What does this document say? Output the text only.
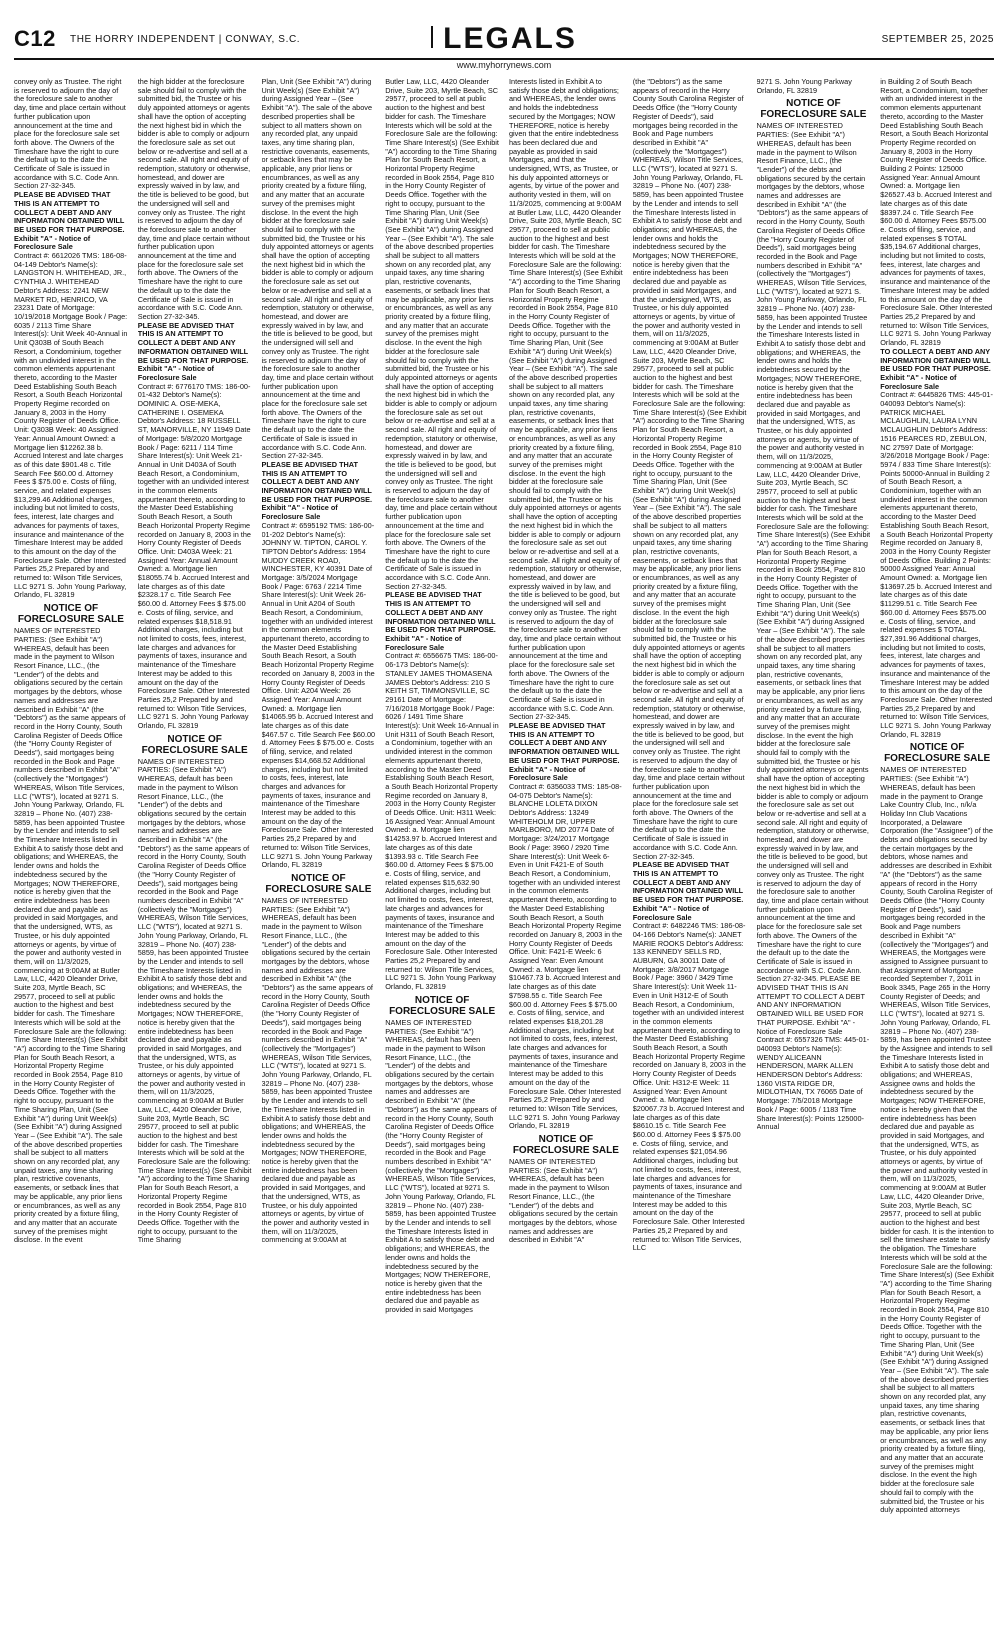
C12 THE HORRY INDEPENDENT | CONWAY, S.C.	LEGALS	SEPTEMBER 25, 2025
www.myhorrynews.com

convey only as Trustee. The right is reserved to adjourn the day of the foreclosure sale to another day, time and place certain without further publication upon announcement at the time and place for the foreclosure sale set forth above. The Owners of the Timeshare have the right to cure the default up to the date the Certificate of Sale is issued in accordance with S.C. Code Ann. Section 27-32-345.

PLEASE BE ADVISED THAT THIS IS AN ATTEMPT TO COLLECT A DEBT AND ANY INFORMATION OBTAINED WILL BE USED FOR THAT PURPOSE.

Exhibit "A" - Notice of Foreclosure Sale

Contract #: 6612026 TMS: 186-08-04-149 Debtor's Name(s): LANGSTON H. WHITEHEAD, JR., CYNTHIA J. WHITEHEAD Debtor's Address: 2241 NEW MARKET RD, HENRICO, VA 23231 Date of Mortgage: 10/19/2018 Mortgage Book / Page: 6035 / 2113 Time Share Interest(s): Unit Week 40-Annual in Unit Q303B of South Beach Resort, a Condominium, together with an undivided interest in the common elements appurtenant thereto, according to the Master Deed Establishing South Beach Resort, a South Beach Horizontal Property Regime recorded on January 8, 2003 in the Horry County Register of Deeds Office. Unit: Q303B Week: 40 Assigned Year: Annual Amount Owned: a Mortgage lien $12262.38 b. Accrued Interest and late charges as of this date $901.48 c. Title Search Fee $60.00 d. Attorney Fees $ $75.00 e. Costs of filing, service, and related expenses $13,299.46 Additional charges, including but not limited to costs, fees, interest, late charges and advances for payments of taxes, insurance and maintenance of the Timeshare Interest may be added to this amount on the day of the Foreclosure Sale. Other Interested Parties 25,2 Prepared by and returned to: Wilson Title Services, LLC 9271 S. John Young Parkway, Orlando, FL 32819

NOTICE OF FORECLOSURE SALE

NAMES OF INTERESTED PARTIES: (See Exhibit "A") WHEREAS, default has been made in the payment to Wilson Resort Finance, LLC., (the "Lender") of the debts and obligations secured by the certain mortgages by the debtors, whose names and addresses are described in Exhibit "A" (the "Debtors") as the same appears of record in the Horry County, South Carolina Register of Deeds Office (the "Horry County Register of Deeds"), said mortgages being recorded in the Book and Page numbers described in Exhibit "A" (collectively the "Mortgages") WHEREAS, Wilson Title Services, LLC ("WTS"), located at 9271 S. John Young Parkway, Orlando, FL 32819 – Phone No. (407) 238-5859, has been appointed Trustee by the Lender and intends to sell the Timeshare Interests listed in Exhibit A to satisfy those debt and obligations; and WHEREAS, the lender owns and holds the indebtedness secured by the Mortgages; NOW THEREFORE, notice is hereby given that the entire indebtedness has been declared due and payable as provided in said Mortgages, and that the undersigned, WTS, as Trustee, or his duly appointed attorneys or agents, by virtue of the power and authority vested in them, will on 11/3/2025, commencing at 9:00AM at Butler Law, LLC, 4420 Oleander Drive, Suite 203, Myrtle Beach, SC 29577, proceed to sell at public auction to the highest and best bidder for cash. The Timeshare Interests which will be sold at the Foreclosure Sale are the following: Time Share Interest(s) (See Exhibit "A") according to the Time Sharing Plan for South Beach Resort, a Horizontal Property Regime recorded in Book 2554, Page 810 in the Horry County Register of Deeds Office. Together with the right to occupy, pursuant to the Time Sharing Plan, Unit (See Exhibit "A") during Unit Week(s) (See Exhibit "A") during Assigned Year – (See Exhibit "A"). The sale of the above described properties shall be subject to all matters shown on any recorded plat, any unpaid taxes, any time sharing plan, restrictive covenants, easements, or setback lines that may be applicable, any prior liens or encumbrances, as well as any priority created by a fixture filing, and any matter that an accurate survey of the premises might disclose. In the event

the high bidder at the foreclosure sale should fail to comply with the submitted bid, the Trustee or his duly appointed attorneys or agents shall have the option of accepting the next highest bid in which the bidder is able to comply or adjourn the foreclosure sale as set out below or re-advertise and sell at a second sale. All right and equity of redemption, statutory or otherwise, homestead, and dower are expressly waived in by law, and the title is believed to be good, but the undersigned will sell and convey only as Trustee. The right is reserved to adjourn the day of the foreclosure sale to another day, time and place certain without further publication upon announcement at the time and place for the foreclosure sale set forth above. The Owners of the Timeshare have the right to cure the default up to the date the Certificate of Sale is issued in accordance with S.C. Code Ann. Section 27-32-345.

PLEASE BE ADVISED THAT THIS IS AN ATTEMPT TO COLLECT A DEBT AND ANY INFORMATION OBTAINED WILL BE USED FOR THAT PURPOSE.

Exhibit "A" - Notice of Foreclosure Sale

Contract #: 6776170 TMS: 186-00-01-432 Debtor's Name(s): DOMINIC A. OSE-MEKA, CATHERINE I. OSEMEKA Debtor's Address: 18 RUSSELL ST, MANORVILLE, NY 11949 Date of Mortgage: 5/8/2020 Mortgage Book / Page: 6211 / 114 Time Share Interest(s): Unit Week 21-Annual in Unit D403A of South Beach Resort, a Condominium, together with an undivided interest in the common elements appurtenant thereto, according to the Master Deed Establishing South Beach Resort, a South Beach Horizontal Property Regime recorded on January 8, 2003 in the Horry County Register of Deeds Office. Unit: D403A Week: 21 Assigned Year: Annual Amount Owned: a. Mortgage lien $18055.74 b. Accrued Interest and late charges as of this date $2328.17 c. Title Search Fee $60.00 d. Attorney Fees $ $75.00 e. Costs of filing, service, and related expenses $18,518.91 Additional charges, including but not limited to costs, fees, interest, late charges and advances for payments of taxes, insurance and maintenance of the Timeshare Interest may be added to this amount on the day of the Foreclosure Sale. Other Interested Parties 25,2 Prepared by and returned to: Wilson Title Services, LLC 9271 S. John Young Parkway Orlando, FL 32819

NOTICE OF FORECLOSURE SALE

NAMES OF INTERESTED PARTIES: (See Exhibit "A") WHEREAS, default has been made in the payment to Wilson Resort Finance, LLC., (the "Lender") of the debts and obligations secured by the certain mortgages by the debtors, whose names and addresses are described in Exhibit "A" (the "Debtors") as the same appears of record in the Horry County, South Carolina Register of Deeds Office (the "Horry County Register of Deeds"), said mortgages being recorded in the Book and Page numbers described in Exhibit "A" (collectively the "Mortgages") WHEREAS, Wilson Title Services, LLC ("WTS"), located at 9271 S. John Young Parkway, Orlando, FL 32819 – Phone No. (407) 238-5859, has been appointed Trustee by the Lender and intends to sell the Timeshare Interests listed in Exhibit A to satisfy those debt and obligations; and WHEREAS, the lender owns and holds the indebtedness secured by the Mortgages; NOW THEREFORE, notice is hereby given that the entire indebtedness has been declared due and payable as provided in said Mortgages, and that the undersigned, WTS, as Trustee, or his duly appointed attorneys or agents, by virtue of the power and authority vested in them, will on 11/3/2025, commencing at 9:00AM at Butler Law, LLC, 4420 Oleander Drive, Suite 203, Myrtle Beach, SC 29577, proceed to sell at public auction to the highest and best bidder for cash. The Timeshare Interests which will be sold at the Foreclosure Sale are the following: Time Share Interest(s) (See Exhibit "A") according to the Time Sharing Plan for South Beach Resort, a Horizontal Property Regime recorded in Book 2554, Page 810 in the Horry County Register of Deeds Office. Together with the right to occupy, pursuant to the Time Sharing

Plan, Unit (See Exhibit "A") during Unit Week(s) (See Exhibit "A") during Assigned Year – (See Exhibit "A"). The sale of the above described properties shall be subject to all matters shown on any recorded plat, any unpaid taxes, any time sharing plan, restrictive covenants, easements, or setback lines that may be applicable, any prior liens or encumbrances, as well as any priority created by a fixture filing, and any matter that an accurate survey of the premises might disclose. In the event the high bidder at the foreclosure sale should fail to comply with the submitted bid, the Trustee or his duly appointed attorneys or agents shall have the option of accepting the next highest bid in which the bidder is able to comply or adjourn the foreclosure sale as set out below or re-advertise and sell at a second sale. All right and equity of redemption, statutory or otherwise, homestead, and dower are expressly waived in by law, and the title is believed to be good, but the undersigned will sell and convey only as Trustee. The right is reserved to adjourn the day of the foreclosure sale to another day, time and place certain without further publication upon announcement at the time and place for the foreclosure sale set forth above. The Owners of the Timeshare have the right to cure the default up to the date the Certificate of Sale is issued in accordance with S.C. Code Ann. Section 27-32-345.

PLEASE BE ADVISED THAT THIS IS AN ATTEMPT TO COLLECT A DEBT AND ANY INFORMATION OBTAINED WILL BE USED FOR THAT PURPOSE.

Exhibit "A" - Notice of Foreclosure Sale

Contract #: 6595192 TMS: 186-00-01-202 Debtor's Name(s): JOHNNY W. TIPTON, CAROL Y. TIPTON Debtor's Address: 1954 MUDDY CREEK ROAD, WINCHESTER, KY 40391 Date of Mortgage: 3/5/2024 Mortgage Book / Page: 6763 / 2214 Time Share Interest(s): Unit Week 26-Annual in Unit A204 of South Beach Resort, a Condominium, together with an undivided interest in the common elements appurtenant thereto, according to the Master Deed Establishing South Beach Resort, a South Beach Horizontal Property Regime recorded on January 8, 2003 in the Horry County Register of Deeds Office. Unit: A204 Week: 26 Assigned Year: Annual Amount Owned: a. Mortgage lien $14065.95 b. Accrued Interest and late charges as of this date $467.57 c. Title Search Fee $60.00 d. Attorney Fees $ $75.00 e. Costs of filing, service, and related expenses $14,668.52 Additional charges, including but not limited to costs, fees, interest, late charges and advances for payments of taxes, insurance and maintenance of the Timeshare Interest may be added to this amount on the day of the Foreclosure Sale. Other Interested Parties 25,2 Prepared by and returned to: Wilson Title Services, LLC 9271 S. John Young Parkway Orlando, FL 32819

NOTICE OF FORECLOSURE SALE

NAMES OF INTERESTED PARTIES: (See Exhibit "A") WHEREAS, default has been made in the payment to Wilson Resort Finance, LLC., (the "Lender") of the debts and obligations secured by the certain mortgages by the debtors, whose names and addresses are described in Exhibit "A" (the "Debtors") as the same appears of record in the Horry County, South Carolina Register of Deeds Office (the "Horry County Register of Deeds"), said mortgages being recorded in the Book and Page numbers described in Exhibit "A" (collectively the "Mortgages") WHEREAS, Wilson Title Services, LLC ("WTS"), located at 9271 S. John Young Parkway, Orlando, FL 32819 – Phone No. (407) 238-5859, has been appointed Trustee by the Lender and intends to sell the Timeshare Interests listed in Exhibit A to satisfy those debt and obligations; and WHEREAS, the lender owns and holds the indebtedness secured by the Mortgages; NOW THEREFORE, notice is hereby given that the entire indebtedness has been declared due and payable as provided in said Mortgages, and that the undersigned, WTS, as Trustee, or his duly appointed attorneys or agents, by virtue of the power and authority vested in them, will on 11/3/2025, commencing at 9:00AM at

Butler Law, LLC, 4420 Oleander Drive, Suite 203, Myrtle Beach, SC 29577, proceed to sell at public auction to the highest and best bidder for cash. The Timeshare Interests which will be sold at the Foreclosure Sale are the following: Time Share Interest(s) (See Exhibit "A") according to the Time Sharing Plan for South Beach Resort, a Horizontal Property Regime recorded in Book 2554, Page 810 in the Horry County Register of Deeds Office. Together with the right to occupy, pursuant to the Time Sharing Plan, Unit (See Exhibit "A") during Unit Week(s) (See Exhibit "A") during Assigned Year – (See Exhibit "A"). The sale of the above described properties shall be subject to all matters shown on any recorded plat, any unpaid taxes, any time sharing plan, restrictive covenants, easements, or setback lines that may be applicable, any prior liens or encumbrances, as well as any priority created by a fixture filing, and any matter that an accurate survey of the premises might disclose. In the event the high bidder at the foreclosure sale should fail to comply with the submitted bid, the Trustee or his duly appointed attorneys or agents shall have the option of accepting the next highest bid in which the bidder is able to comply or adjourn the foreclosure sale as set out below or re-advertise and sell at a second sale. All right and equity of redemption, statutory or otherwise, homestead, and dower are expressly waived in by law, and the title is believed to be good, but the undersigned will sell and convey only as Trustee. The right is reserved to adjourn the day of the foreclosure sale to another day, time and place certain without further publication upon announcement at the time and place for the foreclosure sale set forth above. The Owners of the Timeshare have the right to cure the default up to the date the Certificate of Sale is issued in accordance with S.C. Code Ann. Section 27-32-345.

PLEASE BE ADVISED THAT THIS IS AN ATTEMPT TO COLLECT A DEBT AND ANY INFORMATION OBTAINED WILL BE USED FOR THAT PURPOSE.

Exhibit "A" - Notice of Foreclosure Sale

Contract #: 6556675 TMS: 186-00-06-173 Debtor's Name(s): STANLEY JAMES THOMASENA JAMES Debtor's Address: 210 S KEITH ST, TIMMONSVILLE, SC 29161 Date of Mortgage: 7/16/2018 Mortgage Book / Page: 6026 / 1491 Time Share Interest(s): Unit Week 16-Annual in Unit H311 of South Beach Resort, a Condominium, together with an undivided interest in the common elements appurtenant thereto, according to the Master Deed Establishing South Beach Resort, a South Beach Horizontal Property Regime recorded on January 8, 2003 in the Horry County Register of Deeds Office. Unit: H311 Week: 16 Assigned Year: Annual Amount Owned: a. Mortgage lien $14253.97 b. Accrued Interest and late charges as of this date $1393.93 c. Title Search Fee $60.00 d. Attorney Fees $ $75.00 e. Costs of filing, service, and related expenses $15,632.90 Additional charges, including but not limited to costs, fees, interest, late charges and advances for payments of taxes, insurance and maintenance of the Timeshare Interest may be added to this amount on the day of the Foreclosure Sale. Other Interested Parties 25,2 Prepared by and returned to: Wilson Title Services, LLC 9271 S. John Young Parkway Orlando, FL 32819

NOTICE OF FORECLOSURE SALE

NAMES OF INTERESTED PARTIES: (See Exhibit "A") WHEREAS, default has been made in the payment to Wilson Resort Finance, LLC., (the "Lender") of the debts and obligations secured by the certain mortgages by the debtors, whose names and addresses are described in Exhibit "A" (the "Debtors") as the same appears of record in the Horry County, South Carolina Register of Deeds Office (the "Horry County Register of Deeds"), said mortgages being recorded in the Book and Page numbers described in Exhibit "A" (collectively the "Mortgages") WHEREAS, Wilson Title Services, LLC ("WTS"), located at 9271 S. John Young Parkway, Orlando, FL 32819 – Phone No. (407) 238-5859, has been appointed Trustee by the Lender and intends to sell the Timeshare Interests listed in Exhibit A to satisfy those debt and obligations; and WHEREAS, the lender owns and holds the indebtedness secured by the Mortgages; NOW THEREFORE, notice is hereby given that the entire indebtedness has been declared due and payable as provided in said Mortgages

Interests listed in Exhibit A to satisfy those debt and obligations; and WHEREAS, the lender owns and holds the indebtedness secured by the Mortgages; NOW THEREFORE, notice is hereby given that the entire indebtedness has been declared due and payable as provided in said Mortgages, and that the undersigned, WTS, as Trustee, or his duly appointed attorneys or agents, by virtue of the power and authority vested in them, will on 11/3/2025, commencing at 9:00AM at Butler Law, LLC, 4420 Oleander Drive, Suite 203, Myrtle Beach, SC 29577, proceed to sell at public auction to the highest and best bidder for cash. The Timeshare Interests which will be sold at the Foreclosure Sale are the following: Time Share Interest(s) (See Exhibit "A") according to the Time Sharing Plan for South Beach Resort, a Horizontal Property Regime recorded in Book 2554, Page 810 in the Horry County Register of Deeds Office. Together with the right to occupy, pursuant to the Time Sharing Plan, Unit (See Exhibit "A") during Unit Week(s) (See Exhibit "A") during Assigned Year – (See Exhibit "A"). The sale of the above described properties shall be subject to all matters shown on any recorded plat, any unpaid taxes, any time sharing plan, restrictive covenants, easements, or setback lines that may be applicable, any prior liens or encumbrances, as well as any priority created by a fixture filing, and any matter that an accurate survey of the premises might disclose. In the event the high bidder at the foreclosure sale should fail to comply with the submitted bid, the Trustee or his duly appointed attorneys or agents shall have the option of accepting the next highest bid in which the bidder is able to comply or adjourn the foreclosure sale as set out below or re-advertise and sell at a second sale. All right and equity of redemption, statutory or otherwise, homestead, and dower are expressly waived in by law, and the title is believed to be good, but the undersigned will sell and convey only as Trustee. The right is reserved to adjourn the day of the foreclosure sale to another day, time and place certain without further publication upon announcement at the time and place for the foreclosure sale set forth above. The Owners of the Timeshare have the right to cure the default up to the date the Certificate of Sale is issued in accordance with S.C. Code Ann. Section 27-32-345.

PLEASE BE ADVISED THAT THIS IS AN ATTEMPT TO COLLECT A DEBT AND ANY INFORMATION OBTAINED WILL BE USED FOR THAT PURPOSE.

Exhibit "A" - Notice of Foreclosure Sale

Contract #: 6356033 TMS: 185-08-04-075 Debtor's Name(s): BLANCHE LOLETA DIXON Debtor's Address: 13249 WHITEHOLM DR, UPPER MARLBORO, MD 20774 Date of Mortgage: 3/24/2017 Mortgage Book / Page: 3960 / 2920 Time Share Interest(s): Unit Week 6-Even in Unit F421-E of South Beach Resort, a Condominium, together with an undivided interest in the common elements appurtenant thereto, according to the Master Deed Establishing South Beach Resort, a South Beach Horizontal Property Regime recorded on January 8, 2003 in the Horry County Register of Deeds Office. Unit: F421-E Week: 6 Assigned Year: Even Amount Owned: a. Mortgage lien $10467.73 b. Accrued Interest and late charges as of this date $7598.55 c. Title Search Fee $60.00 d. Attorney Fees $ $75.00 e. Costs of filing, service, and related expenses $18,201.28 Additional charges, including but not limited to costs, fees, interest, late charges and advances for payments of taxes, insurance and maintenance of the Timeshare Interest may be added to this amount on the day of the Foreclosure Sale. Other Interested Parties 25,2 Prepared by and returned to: Wilson Title Services, LLC 9271 S. John Young Parkway Orlando, FL 32819

NOTICE OF FORECLOSURE SALE

NAMES OF INTERESTED PARTIES: (See Exhibit "A") WHEREAS, default has been made in the payment to Wilson Resort Finance, LLC., (the "Lender") of the debts and obligations secured by the certain mortgages by the debtors, whose names and addresses are described in Exhibit "A"

(the "Debtors") as the same appears of record in the Horry County South Carolina Register of Deeds Office (the "Horry County Register of Deeds"), said mortgages being recorded in the Book and Page numbers described in Exhibit "A" (collectively the "Mortgages") WHEREAS, Wilson Title Services, LLC ("WTS"), located at 9271 S. John Young Parkway, Orlando, FL 32819 – Phone No. (407) 238-5859, has been appointed Trustee by the Lender and intends to sell the Timeshare Interests listed in Exhibit A to satisfy those debt and obligations; and WHEREAS, the lender owns and holds the indebtedness secured by the Mortgages; NOW THEREFORE, notice is hereby given that the entire indebtedness has been declared due and payable as provided in said Mortgages, and that the undersigned, WTS, as Trustee, or his duly appointed attorneys or agents, by virtue of the power and authority vested in them, will on 11/3/2025, commencing at 9:00AM at Butler Law, LLC, 4420 Oleander Drive, Suite 203, Myrtle Beach, SC 29577, proceed to sell at public auction to the highest and best bidder for cash. The Timeshare Interests which will be sold at the Foreclosure Sale are the following: Time Share Interest(s) (See Exhibit "A") according to the Time Sharing Plan for South Beach Resort, a Horizontal Property Regime recorded in Book 2554, Page 810 in the Horry County Register of Deeds Office. Together with the right to occupy, pursuant to the Time Sharing Plan, Unit (See Exhibit "A") during Unit Week(s) (See Exhibit "A") during Assigned Year – (See Exhibit "A"). The sale of the above described properties shall be subject to all matters shown on any recorded plat, any unpaid taxes, any time sharing plan, restrictive covenants, easements, or setback lines that may be applicable, any prior liens or encumbrances, as well as any priority created by a fixture filing, and any matter that an accurate survey of the premises might disclose. In the event the high bidder at the foreclosure sale should fail to comply with the submitted bid, the Trustee or his duly appointed attorneys or agents shall have the option of accepting the next highest bid in which the bidder is able to comply or adjourn the foreclosure sale as set out below or re-advertise and sell at a second sale. All right and equity of redemption, statutory or otherwise, homestead, and dower are expressly waived in by law, and the title is believed to be good, but the undersigned will sell and convey only as Trustee. The right is reserved to adjourn the day of the foreclosure sale to another day, time and place certain without further publication upon announcement at the time and place for the foreclosure sale set forth above. The Owners of the Timeshare have the right to cure the default up to the date the Certificate of Sale is issued in accordance with S.C. Code Ann. Section 27-32-345.

PLEASE BE ADVISED THAT THIS IS AN ATTEMPT TO COLLECT A DEBT AND ANY INFORMATION OBTAINED WILL BE USED FOR THAT PURPOSE.

Exhibit "A" - Notice of Foreclosure Sale

Contract #: 6482246 TMS: 186-08-04-166 Debtor's Name(s): JANET MARIE ROOKS Debtor's Address: 133 KENNEDY SELLS RD, AUBURN, GA 30011 Date of Mortgage: 3/8/2017 Mortgage Book / Page: 3960 / 3429 Time Share Interest(s): Unit Week 11-Even in Unit H312-E of South Beach Resort, a Condominium, together with an undivided interest in the common elements appurtenant thereto, according to the Master Deed Establishing South Beach Resort, a South Beach Horizontal Property Regime recorded on January 8, 2003 in the Horry County Register of Deeds Office. Unit: H312-E Week: 11 Assigned Year: Even Amount Owned: a. Mortgage lien $20067.73 b. Accrued Interest and late charges as of this date $8610.15 c. Title Search Fee $60.00 d. Attorney Fees $ $75.00 e. Costs of filing, service, and related expenses $21,054.96 Additional charges, including but not limited to costs, fees, interest, late charges and advances for payments of taxes, insurance and maintenance of the Timeshare Interest may be added to this amount on the day of the Foreclosure Sale. Other Interested Parties 25,2 Prepared by and returned to: Wilson Title Services, LLC

9271 S. John Young Parkway Orlando, FL 32819

NOTICE OF FORECLOSURE SALE

NAMES OF INTERESTED PARTIES: (See Exhibit "A") WHEREAS, default has been made in the payment to Wilson Resort Finance, LLC., (the "Lender") of the debts and obligations secured by the certain mortgages by the debtors, whose names and addresses are described in Exhibit "A" (the "Debtors") as the same appears of record in the Horry County, South Carolina Register of Deeds Office (the "Horry County Register of Deeds"), said mortgages being recorded in the Book and Page numbers described in Exhibit "A" (collectively the "Mortgages") WHEREAS, Wilson Title Services, LLC ("WTS"), located at 9271 S. John Young Parkway, Orlando, FL 32819 – Phone No. (407) 238-5859, has been appointed Trustee by the Lender and intends to sell the Timeshare Interests listed in Exhibit A to satisfy those debt and obligations; and WHEREAS, the lender owns and holds the indebtedness secured by the Mortgages; NOW THEREFORE, notice is hereby given that the entire indebtedness has been declared due and payable as provided in said Mortgages, and that the undersigned, WTS, as Trustee, or his duly appointed attorneys or agents, by virtue of the power and authority vested in them, will on 11/3/2025, commencing at 9:00AM at Butler Law, LLC, 4420 Oleander Drive, Suite 203, Myrtle Beach, SC 29577, proceed to sell at public auction to the highest and best bidder for cash. The Timeshare Interests which will be sold at the Foreclosure Sale are the following: Time Share Interest(s) (See Exhibit "A") according to the Time Sharing Plan for South Beach Resort, a Horizontal Property Regime recorded in Book 2554, Page 810 in the Horry County Register of Deeds Office. Together with the right to occupy, pursuant to the Time Sharing Plan, Unit (See Exhibit "A") during Unit Week(s) (See Exhibit "A") during Assigned Year – (See Exhibit "A"). The sale of the above described properties shall be subject to all matters shown on any recorded plat, any unpaid taxes, any time sharing plan, restrictive covenants, easements, or setback lines that may be applicable, any prior liens or encumbrances, as well as any priority created by a fixture filing, and any matter that an accurate survey of the premises might disclose. In the event the high bidder at the foreclosure sale should fail to comply with the submitted bid, the Trustee or his duly appointed attorneys or agents shall have the option of accepting the next highest bid in which the bidder is able to comply or adjourn the foreclosure sale as set out below or re-advertise and sell at a second sale. All right and equity of redemption, statutory or otherwise, homestead, and dower are expressly waived in by law, and the title is believed to be good, but the undersigned will sell and convey only as Trustee. The right is reserved to adjourn the day of the foreclosure sale to another day, time and place certain without further publication upon announcement at the time and place for the foreclosure sale set forth above. The Owners of the Timeshare have the right to cure the default up to the date the Certificate of Sale is issued in accordance with S.C. Code Ann. Section 27-32-345. PLEASE BE ADVISED THAT THIS IS AN ATTEMPT TO COLLECT A DEBT AND ANY INFORMATION OBTAINED WILL BE USED FOR THAT PURPOSE. Exhibit "A" - Notice of Foreclosure Sale Contract #: 6557326 TMS: 445-01-040093 Debtor's Name(s): WENDY ALICEANN HENDERSON, MARK ALLEN HENDERSON Debtor's Address: 1360 VISTA RIDGE DR, MIDLOTHIAN, TX 76065 Date of Mortgage: 7/5/2018 Mortgage Book / Page: 6005 / 1183 Time Share Interest(s): Points 125000-Annual

in Building 2 of South Beach Resort, a Condominium, together with an undivided interest in the common elements appurtenant thereto, according to the Master Deed Establishing South Beach Resort, a South Beach Horizontal Property Regime recorded on January 8, 2003 in the Horry County Register of Deeds Office. Building 2 Points: 125000 Assigned Year: Annual Amount Owned: a. Mortgage lien $26527.43 b. Accrued Interest and late charges as of this date $8397.24 c. Title Search Fee $60.00 d. Attorney Fees $575.00 e. Costs of filing, service, and related expenses $ TOTAL $35,194.67 Additional charges, including but not limited to costs, fees, interest, late charges and advances for payments of taxes, insurance and maintenance of the Timeshare Interest may be added to this amount on the day of the Foreclosure Sale. Other Interested Parties 25,2 Prepared by and returned to: Wilson Title Services, LLC 9271 S. John Young Parkway Orlando, FL 32819

TO COLLECT A DEBT AND ANY INFORMATION OBTAINED WILL BE USED FOR THAT PURPOSE.

Exhibit "A" - Notice of Foreclosure Sale

Contract #: 6445826 TMS: 445-01-040093 Debtor's Name(s): PATRICK MICHAEL MCLAUGHLIN, LAURA LYNN MCLAUGHLIN Debtor's Address: 1516 PEARCES RD, ZEBULON, NC 27597 Date of Mortgage: 3/26/2018 Mortgage Book / Page: 5974 / 833 Time Share Interest(s): Points 50000-Annual in Building 2 of South Beach Resort, a Condominium, together with an undivided interest in the common elements appurtenant thereto, according to the Master Deed Establishing South Beach Resort, a South Beach Horizontal Property Regime recorded on January 8, 2003 in the Horry County Register of Deeds Office. Building 2 Points: 50000 Assigned Year: Annual Amount Owned: a. Mortgage lien $13697.25 b. Accrued Interest and late charges as of this date $11299.51 c. Title Search Fee $60.00 d. Attorney Fees $575.00 e. Costs of filing, service, and related expenses $ TOTAL $27,391.96 Additional charges, including but not limited to costs, fees, interest, late charges and advances for payments of taxes, insurance and maintenance of the Timeshare Interest may be added to this amount on the day of the Foreclosure Sale. Other Interested Parties 25,2 Prepared by and returned to: Wilson Title Services, LLC 9271 S. John Young Parkway Orlando, FL 32819

NOTICE OF FORECLOSURE SALE

NAMES OF INTERESTED PARTIES: (See Exhibit "A") WHEREAS, default has been made in the payment to Orange Lake Country Club, Inc., n/k/a Holiday Inn Club Vacations Incorporated, a Delaware Corporation (the "Assignee") of the debts and obligations secured by the certain mortgages by the debtors, whose names and addresses are described in Exhibit "A" (the "Debtors") as the same appears of record in the Horry County, South Carolina Register of Deeds Office (the "Horry County Register of Deeds"), said mortgages being recorded in the Book and Page numbers described in Exhibit "A" (collectively the "Mortgages") and WHEREAS, the Mortgages were assigned to Assignee pursuant to that Assignment of Mortgage recorded September 7, 2011 in Book 3345, Page 265 in the Horry County Register of Deeds; and WHEREAS, Wilson Title Services, LLC ("WTS"), located at 9271 S. John Young Parkway, Orlando, FL 32819 – Phone No. (407) 238-5859, has been appointed Trustee by the Assignee and intends to sell the Timeshare Interests listed in Exhibit A to satisfy those debt and obligations; and WHEREAS, Assignee owns and holds the indebtedness secured by the Mortgages; NOW THEREFORE, notice is hereby given that the entire indebtedness has been declared due and payable as provided in said Mortgages, and that the undersigned, WTS, as Trustee, or his duly appointed attorneys or agents, by virtue of the power and authority vested in them, will on 11/3/2025, commencing at 9:00AM at Butler Law, LLC, 4420 Oleander Drive, Suite 203, Myrtle Beach, SC 29577, proceed to sell at public auction to the highest and best bidder for cash. It is the intention to sell the timeshare estate to satisfy the obligation. The Timeshare Interests which will be sold at the Foreclosure Sale are the following: Time Share Interest(s) (See Exhibit "A") according to the Time Sharing Plan for South Beach Resort, a Horizontal Property Regime recorded in Book 2554, Page 810 in the Horry County Register of Deeds Office. Together with the right to occupy, pursuant to the Time Sharing Plan, Unit (See Exhibit "A") during Unit Week(s) (See Exhibit "A") during Assigned Year – (See Exhibit "A"). The sale of the above described properties shall be subject to all matters shown on any recorded plat, any unpaid taxes, any time sharing plan, restrictive covenants, easements, or setback lines that may be applicable, any prior liens or encumbrances, as well as any priority created by a fixture filing, and any matter that an accurate survey of the premises might disclose. In the event the high bidder at the foreclosure sale should fail to comply with the submitted bid, the Trustee or his duly appointed attorneys
